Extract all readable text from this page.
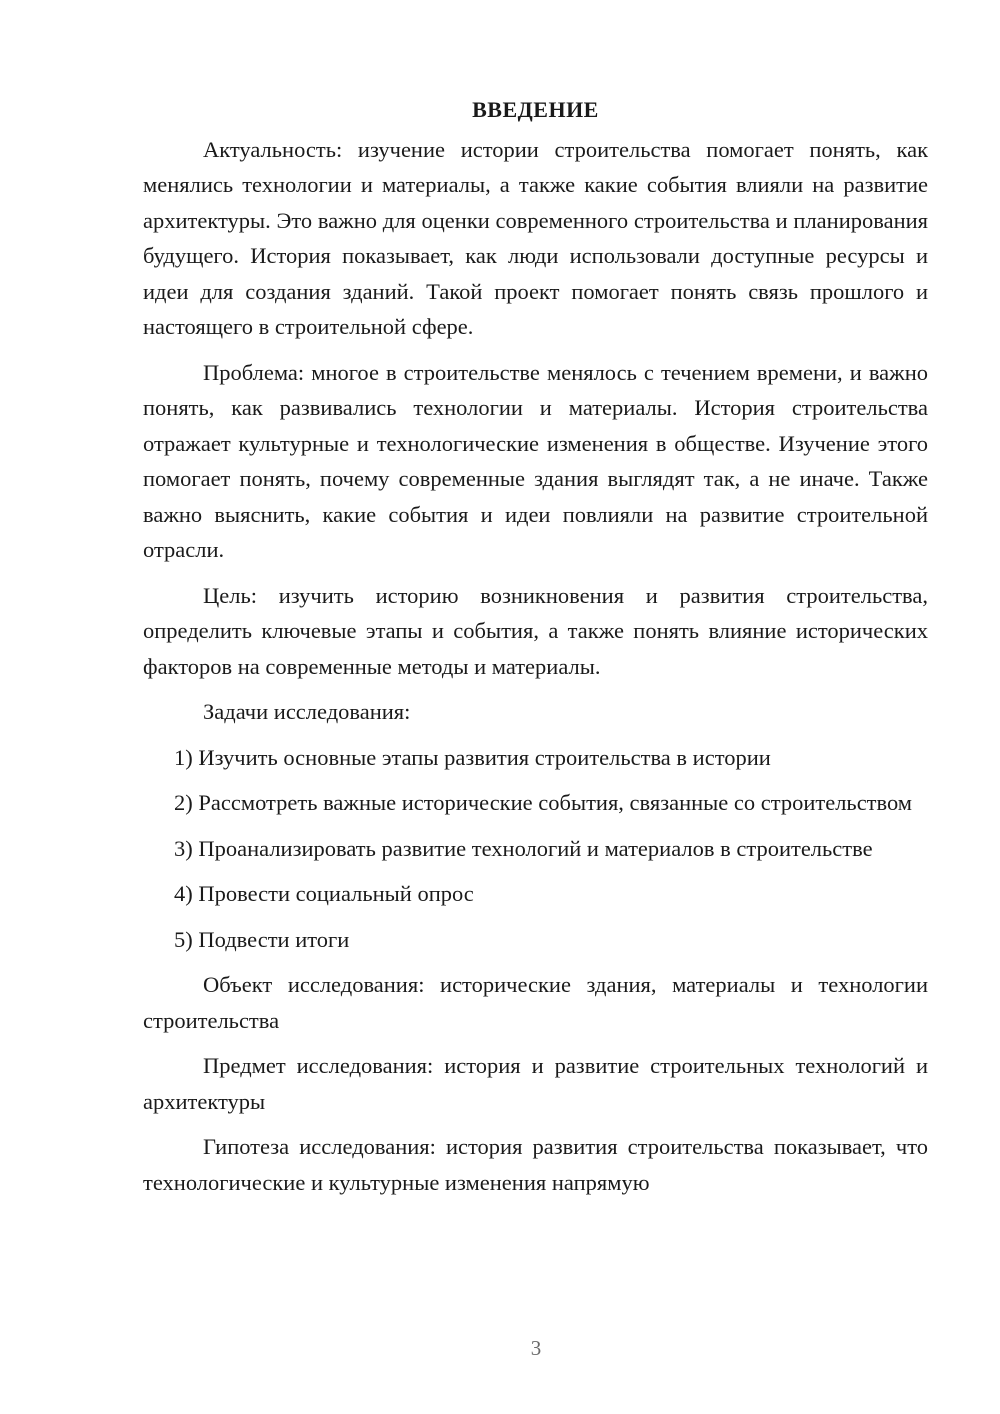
ВВЕДЕНИЕ

Актуальность: изучение истории строительства помогает понять, как менялись технологии и материалы, а также какие события влияли на развитие архитектуры. Это важно для оценки современного строительства и планирования будущего. История показывает, как люди использовали доступные ресурсы и идеи для создания зданий. Такой проект помогает понять связь прошлого и настоящего в строительной сфере.

Проблема: многое в строительстве менялось с течением времени, и важно понять, как развивались технологии и материалы. История строительства отражает культурные и технологические изменения в обществе. Изучение этого помогает понять, почему современные здания выглядят так, а не иначе. Также важно выяснить, какие события и идеи повлияли на развитие строительной отрасли.

Цель: изучить историю возникновения и развития строительства, определить ключевые этапы и события, а также понять влияние исторических факторов на современные методы и материалы.

Задачи исследования:

1) Изучить основные этапы развития строительства в истории

2) Рассмотреть важные исторические события, связанные со строительством

3) Проанализировать развитие технологий и материалов в строительстве

4) Провести социальный опрос

5) Подвести итоги

Объект исследования: исторические здания, материалы и технологии строительства

Предмет исследования: история и развитие строительных технологий и архитектуры

Гипотеза исследования: история развития строительства показывает, что технологические и культурные изменения напрямую

3
